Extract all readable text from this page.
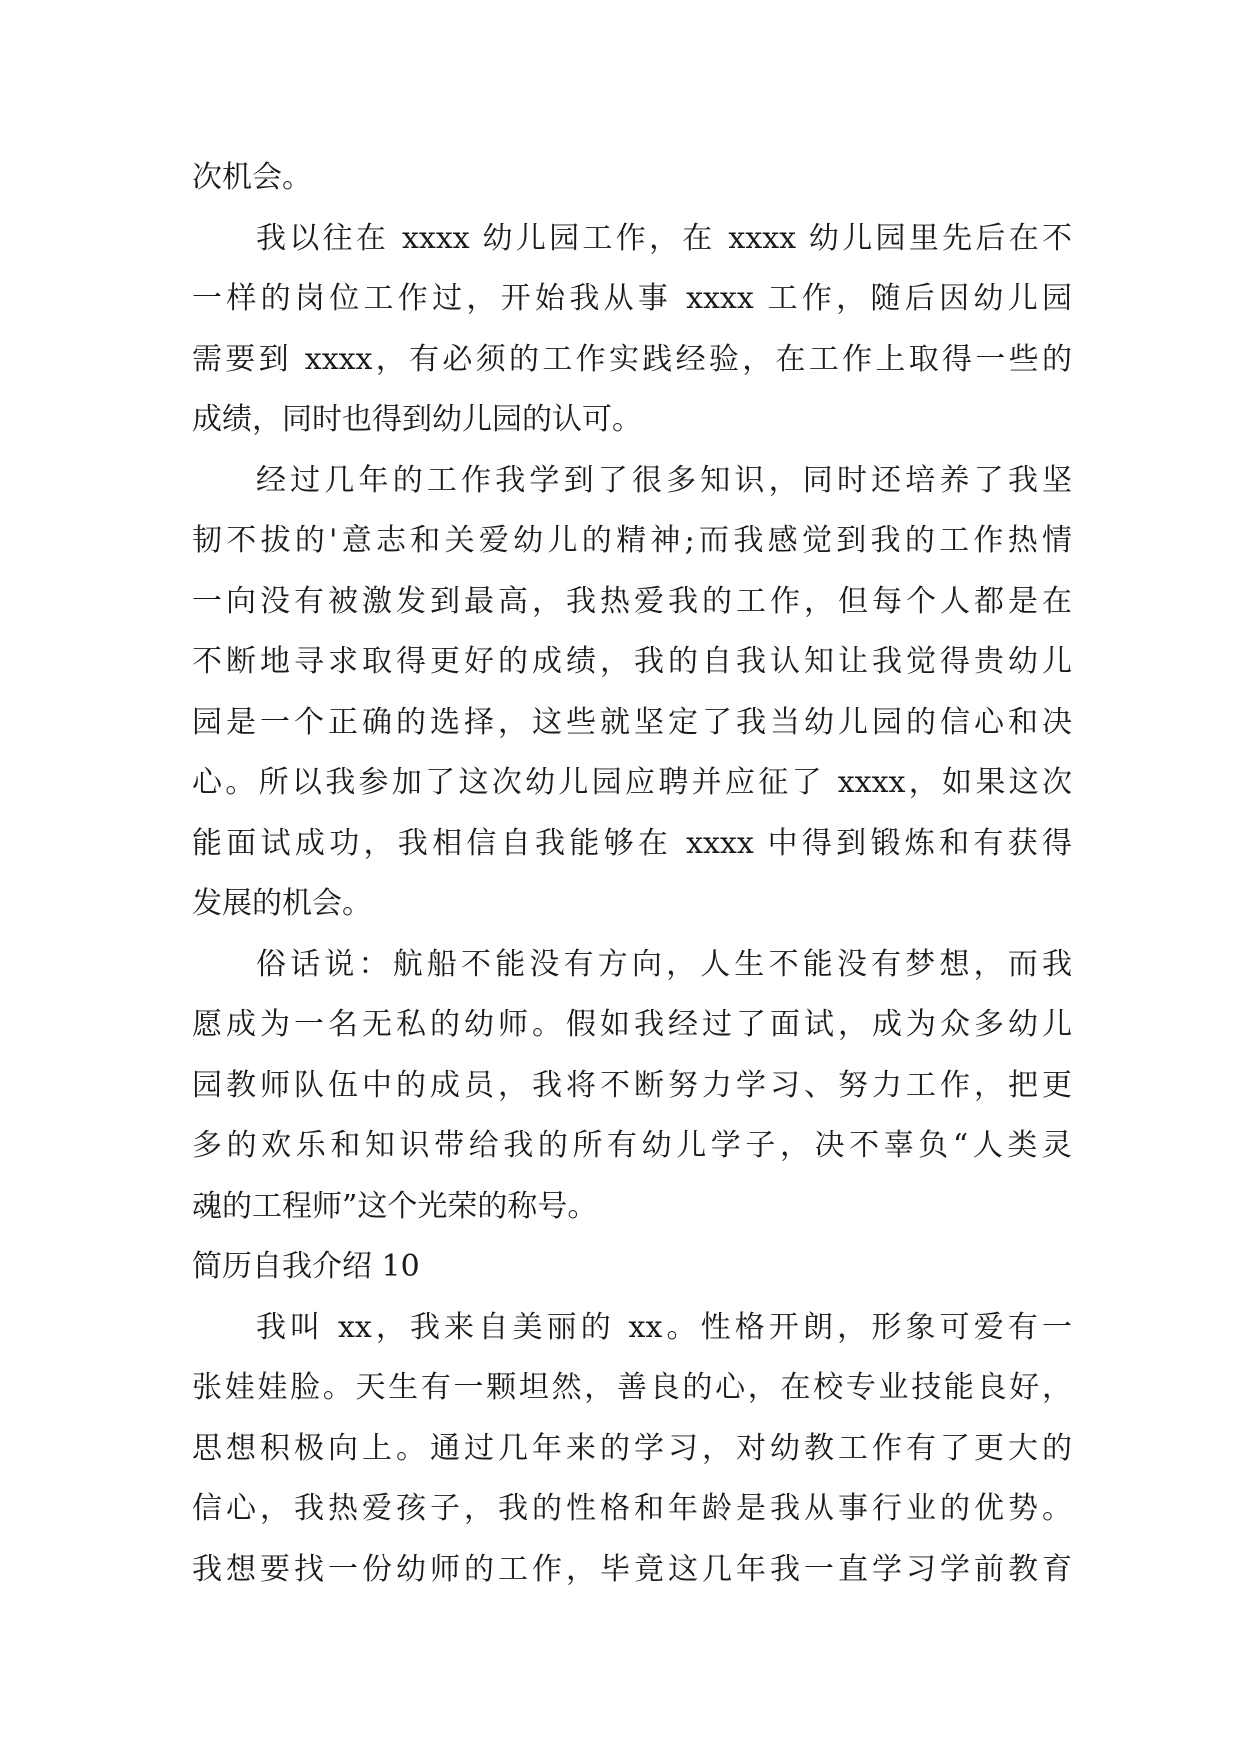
次机会。
我以往在 xxxx 幼儿园工作，在 xxxx 幼儿园里先后在不
一样的岗位工作过，开始我从事 xxxx 工作，随后因幼儿园
需要到 xxxx，有必须的工作实践经验，在工作上取得一些的
成绩，同时也得到幼儿园的认可。
经过几年的工作我学到了很多知识，同时还培养了我坚
韧不拔的'意志和关爱幼儿的精神;而我感觉到我的工作热情
一向没有被激发到最高，我热爱我的工作，但每个人都是在
不断地寻求取得更好的成绩，我的自我认知让我觉得贵幼儿
园是一个正确的选择，这些就坚定了我当幼儿园的信心和决
心。所以我参加了这次幼儿园应聘并应征了 xxxx，如果这次
能面试成功，我相信自我能够在 xxxx 中得到锻炼和有获得
发展的机会。
俗话说：航船不能没有方向，人生不能没有梦想，而我
愿成为一名无私的幼师。假如我经过了面试，成为众多幼儿
园教师队伍中的成员，我将不断努力学习、努力工作，把更
多的欢乐和知识带给我的所有幼儿学子，决不辜负“人类灵
魂的工程师”这个光荣的称号。
简历自我介绍 10
我叫 xx，我来自美丽的 xx。性格开朗，形象可爱有一
张娃娃脸。天生有一颗坦然，善良的心，在校专业技能良好，
思想积极向上。通过几年来的学习，对幼教工作有了更大的
信心，我热爱孩子，我的性格和年龄是我从事行业的优势。
我想要找一份幼师的工作，毕竟这几年我一直学习学前教育
